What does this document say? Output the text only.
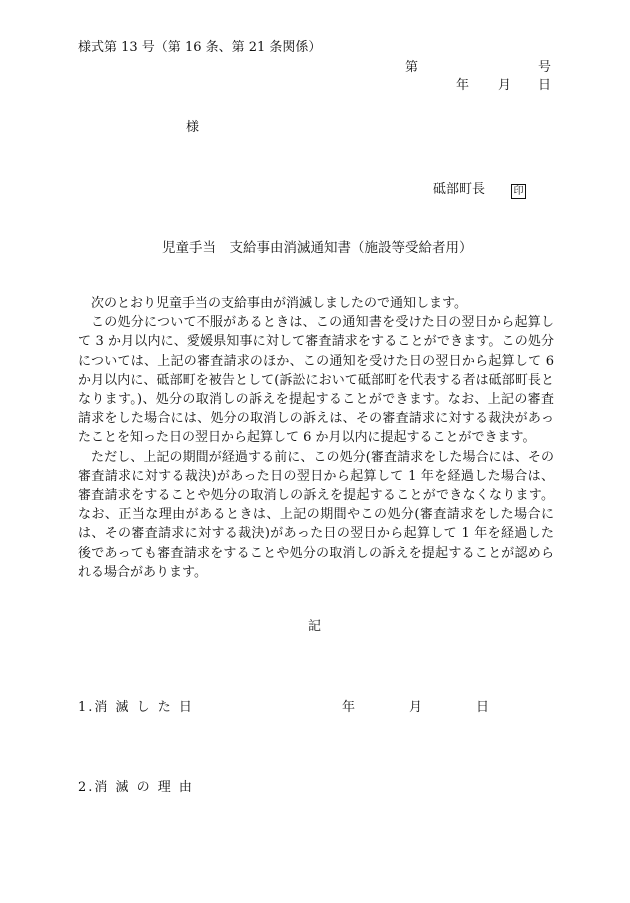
様式第 13 号（第 16 条、第 21 条関係）
第	号
年 月 日
様
砥部町長	印
児童手当　支給事由消滅通知書（施設等受給者用）

次のとおり児童手当の支給事由が消滅しましたので通知します。

この処分について不服があるときは、この通知書を受けた日の翌日から起算して 3 か月以内に、愛媛県知事に対して審査請求をすることができます。この処分については、上記の審査請求のほか、この通知を受けた日の翌日から起算して 6 か月以内に、砥部町を被告として(訴訟において砥部町を代表する者は砥部町長となります。)、処分の取消しの訴えを提起することができます。なお、上記の審査請求をした場合には、処分の取消しの訴えは、その審査請求に対する裁決があったことを知った日の翌日から起算して 6 か月以内に提起することができます。

ただし、上記の期間が経過する前に、この処分(審査請求をした場合には、その審査請求に対する裁決)があった日の翌日から起算して 1 年を経過した場合は、審査請求をすることや処分の取消しの訴えを提起することができなくなります。なお、正当な理由があるときは、上記の期間やこの処分(審査請求をした場合には、その審査請求に対する裁決)があった日の翌日から起算して 1 年を経過した後であっても審査請求をすることや処分の取消しの訴えを提起することが認められる場合があります。

記
1.消 滅 し た 日	年	月	日
2.消 滅 の 理 由
